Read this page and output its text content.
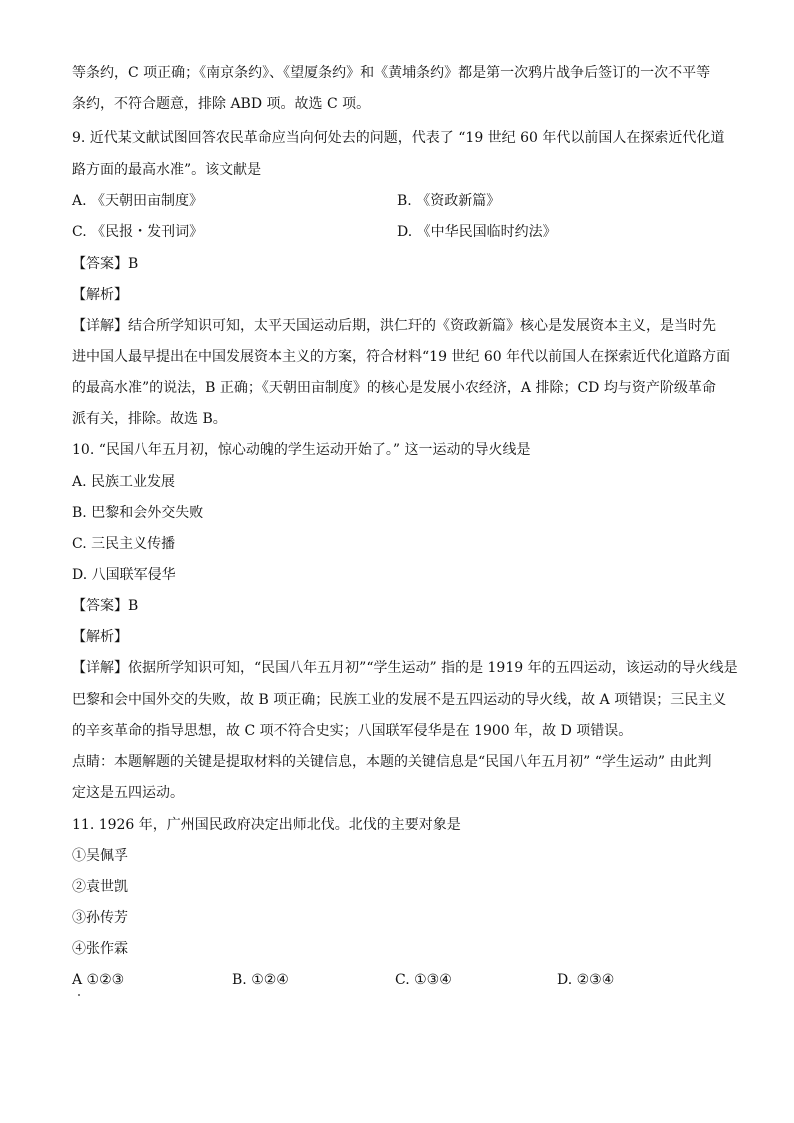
等条约，C 项正确；《南京条约》、《望厦条约》和《黄埔条约》都是第一次鸦片战争后签订的一次不平等
条约，不符合题意，排除 ABD 项。故选 C 项。
9. 近代某文献试图回答农民革命应当向何处去的问题，代表了 “19 世纪 60 年代以前国人在探索近代化道
路方面的最高水准”。该文献是
A. 《天朝田亩制度》	B. 《资政新篇》
C. 《民报・发刊词》	D. 《中华民国临时约法》
【答案】B
【解析】
【详解】结合所学知识可知，太平天国运动后期，洪仁玕的《资政新篇》核心是发展资本主义，是当时先
进中国人最早提出在中国发展资本主义的方案，符合材料“19 世纪 60 年代以前国人在探索近代化道路方面
的最高水准”的说法，B 正确；《天朝田亩制度》的核心是发展小农经济，A 排除；CD 均与资产阶级革命
派有关，排除。故选 B。
10. “民国八年五月初，惊心动魄的学生运动开始了。” 这一运动的导火线是
A. 民族工业发展
B. 巴黎和会外交失败
C. 三民主义传播
D. 八国联军侵华
【答案】B
【解析】
【详解】依据所学知识可知，“民国八年五月初”“学生运动” 指的是 1919 年的五四运动，该运动的导火线是
巴黎和会中国外交的失败，故 B 项正确；民族工业的发展不是五四运动的导火线，故 A 项错误；三民主义
的辛亥革命的指导思想，故 C 项不符合史实；八国联军侵华是在 1900 年，故 D 项错误。
点睛：本题解题的关键是提取材料的关键信息，本题的关键信息是“民国八年五月初” “学生运动” 由此判
定这是五四运动。
11. 1926 年，广州国民政府决定出师北伐。北伐的主要对象是
①吴佩孚
②袁世凯
③孙传芳
④张作霖
A ①②③	B. ①②④	C. ①③④	D. ②③④
